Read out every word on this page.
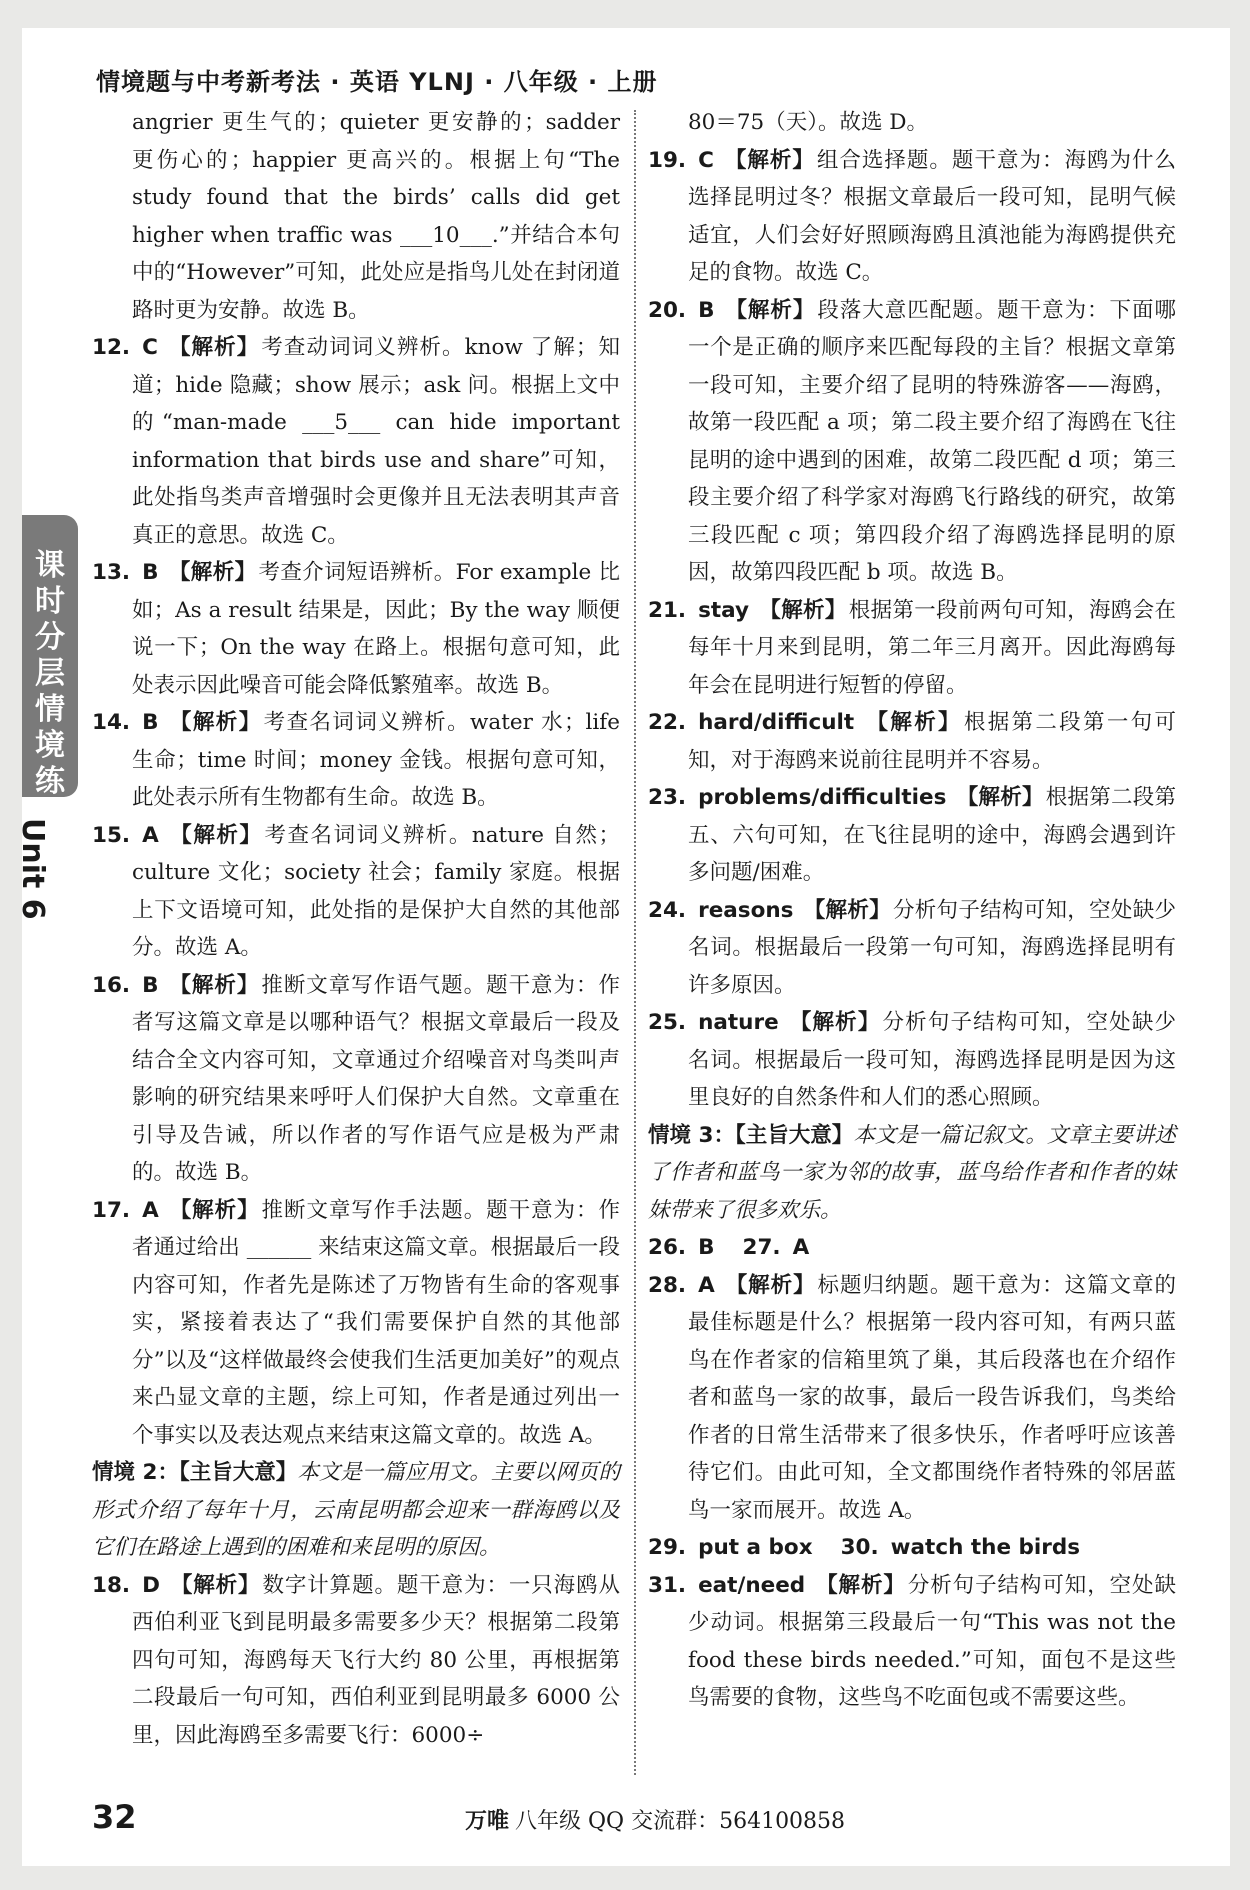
情境题与中考新考法 · 英语 YLNJ · 八年级 · 上册
课时分层情境练
Unit 6

angrier 更生气的；quieter 更安静的；sadder 更伤心的；happier 更高兴的。根据上句“The study found that the birds’ calls did get higher when traffic was ___10___.”并结合本句中的“However”可知，此处应是指鸟儿处在封闭道路时更为安静。故选 B。

12. C 【解析】考查动词词义辨析。know 了解；知道；hide 隐藏；show 展示；ask 问。根据上文中的“man-made ___5___ can hide important information that birds use and share”可知，此处指鸟类声音增强时会更像并且无法表明其声音真正的意思。故选 C。

13. B 【解析】考查介词短语辨析。For example 比如；As a result 结果是，因此；By the way 顺便说一下；On the way 在路上。根据句意可知，此处表示因此噪音可能会降低繁殖率。故选 B。

14. B 【解析】考查名词词义辨析。water 水；life 生命；time 时间；money 金钱。根据句意可知，此处表示所有生物都有生命。故选 B。

15. A 【解析】考查名词词义辨析。nature 自然；culture 文化；society 社会；family 家庭。根据上下文语境可知，此处指的是保护大自然的其他部分。故选 A。

16. B 【解析】推断文章写作语气题。题干意为：作者写这篇文章是以哪种语气？根据文章最后一段及结合全文内容可知，文章通过介绍噪音对鸟类叫声影响的研究结果来呼吁人们保护大自然。文章重在引导及告诫，所以作者的写作语气应是极为严肃的。故选 B。

17. A 【解析】推断文章写作手法题。题干意为：作者通过给出 ______ 来结束这篇文章。根据最后一段内容可知，作者先是陈述了万物皆有生命的客观事实，紧接着表达了“我们需要保护自然的其他部分”以及“这样做最终会使我们生活更加美好”的观点来凸显文章的主题，综上可知，作者是通过列出一个事实以及表达观点来结束这篇文章的。故选 A。

情境 2：【主旨大意】本文是一篇应用文。主要以网页的形式介绍了每年十月，云南昆明都会迎来一群海鸥以及它们在路途上遇到的困难和来昆明的原因。

18. D 【解析】数字计算题。题干意为：一只海鸥从西伯利亚飞到昆明最多需要多少天？根据第二段第四句可知，海鸥每天飞行大约 80 公里，再根据第二段最后一句可知，西伯利亚到昆明最多 6000 公里，因此海鸥至多需要飞行：6000÷

80＝75（天）。故选 D。

19. C 【解析】组合选择题。题干意为：海鸥为什么选择昆明过冬？根据文章最后一段可知，昆明气候适宜，人们会好好照顾海鸥且滇池能为海鸥提供充足的食物。故选 C。

20. B 【解析】段落大意匹配题。题干意为：下面哪一个是正确的顺序来匹配每段的主旨？根据文章第一段可知，主要介绍了昆明的特殊游客——海鸥，故第一段匹配 a 项；第二段主要介绍了海鸥在飞往昆明的途中遇到的困难，故第二段匹配 d 项；第三段主要介绍了科学家对海鸥飞行路线的研究，故第三段匹配 c 项；第四段介绍了海鸥选择昆明的原因，故第四段匹配 b 项。故选 B。

21. stay 【解析】根据第一段前两句可知，海鸥会在每年十月来到昆明，第二年三月离开。因此海鸥每年会在昆明进行短暂的停留。

22. hard/difficult 【解析】根据第二段第一句可知，对于海鸥来说前往昆明并不容易。

23. problems/difficulties 【解析】根据第二段第五、六句可知，在飞往昆明的途中，海鸥会遇到许多问题/困难。

24. reasons 【解析】分析句子结构可知，空处缺少名词。根据最后一段第一句可知，海鸥选择昆明有许多原因。

25. nature 【解析】分析句子结构可知，空处缺少名词。根据最后一段可知，海鸥选择昆明是因为这里良好的自然条件和人们的悉心照顾。

情境 3：【主旨大意】本文是一篇记叙文。文章主要讲述了作者和蓝鸟一家为邻的故事，蓝鸟给作者和作者的妹妹带来了很多欢乐。

26. B 27. A

28. A 【解析】标题归纳题。题干意为：这篇文章的最佳标题是什么？根据第一段内容可知，有两只蓝鸟在作者家的信箱里筑了巢，其后段落也在介绍作者和蓝鸟一家的故事，最后一段告诉我们，鸟类给作者的日常生活带来了很多快乐，作者呼吁应该善待它们。由此可知，全文都围绕作者特殊的邻居蓝鸟一家而展开。故选 A。

29. put a box 30. watch the birds

31. eat/need 【解析】分析句子结构可知，空处缺少动词。根据第三段最后一句“This was not the food these birds needed.”可知，面包不是这些鸟需要的食物，这些鸟不吃面包或不需要这些。

32	万唯 八年级 QQ 交流群：564100858
